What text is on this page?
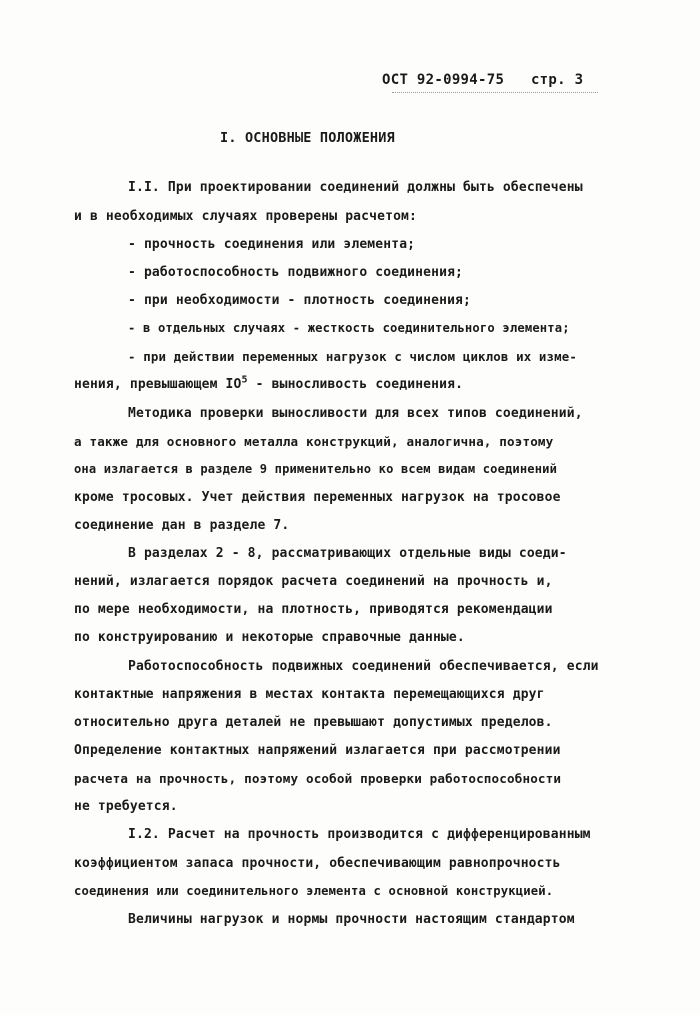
ОСТ 92-0994-75 стр. 3
I. ОСНОВНЫЕ ПОЛОЖЕНИЯ
I.I. При проектировании соединений должны быть обеспечены
и в необходимых случаях проверены расчетом:
- прочность соединения или элемента;
- работоспособность подвижного соединения;
- при необходимости - плотность соединения;
- в отдельных случаях - жесткость соединительного элемента;
- при действии переменных нагрузок с числом циклов их изме-
нения, превышающем $IO^5$ - выносливость соединения.
Методика проверки выносливости для всех типов соединений,
а также для основного металла конструкций, аналогична, поэтому
она излагается в разделе 9 применительно ко всем видам соединений
кроме тросовых. Учет действия переменных нагрузок на тросовое
соединение дан в разделе 7.
В разделах 2 - 8, рассматривающих отдельные виды соеди-
нений, излагается порядок расчета соединений на прочность и,
по мере необходимости, на плотность, приводятся рекомендации
по конструированию и некоторые справочные данные.
Работоспособность подвижных соединений обеспечивается, если
контактные напряжения в местах контакта перемещающихся друг
относительно друга деталей не превышают допустимых пределов.
Определение контактных напряжений излагается при рассмотрении
расчета на прочность, поэтому особой проверки работоспособности
не требуется.
I.2. Расчет на прочность производится с дифференцированным
коэффициентом запаса прочности, обеспечивающим равнопрочность
соединения или соединительного элемента с основной конструкцией.
Величины нагрузок и нормы прочности настоящим стандартом
